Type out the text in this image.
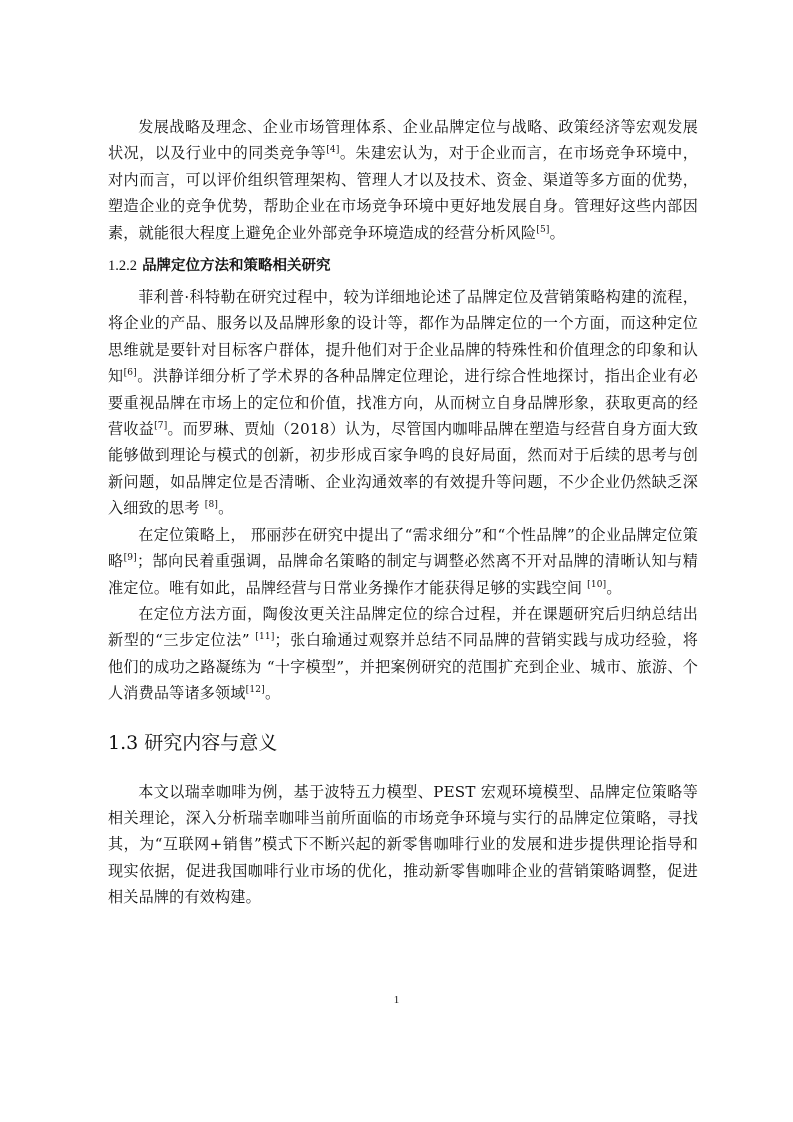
发展战略及理念、企业市场管理体系、企业品牌定位与战略、政策经济等宏观发展状况，以及行业中的同类竞争等[4]。朱建宏认为，对于企业而言，在市场竞争环境中，对内而言，可以评价组织管理架构、管理人才以及技术、资金、渠道等多方面的优势，塑造企业的竞争优势，帮助企业在市场竞争环境中更好地发展自身。管理好这些内部因素，就能很大程度上避免企业外部竞争环境造成的经营分析风险[5]。

1.2.2 品牌定位方法和策略相关研究

菲利普·科特勒在研究过程中，较为详细地论述了品牌定位及营销策略构建的流程，将企业的产品、服务以及品牌形象的设计等，都作为品牌定位的一个方面，而这种定位思维就是要针对目标客户群体，提升他们对于企业品牌的特殊性和价值理念的印象和认知[6]。洪静详细分析了学术界的各种品牌定位理论，进行综合性地探讨，指出企业有必要重视品牌在市场上的定位和价值，找准方向，从而树立自身品牌形象，获取更高的经营收益[7]。而罗琳、贾灿（2018）认为，尽管国内咖啡品牌在塑造与经营自身方面大致能够做到理论与模式的创新，初步形成百家争鸣的良好局面，然而对于后续的思考与创新问题，如品牌定位是否清晰、企业沟通效率的有效提升等问题，不少企业仍然缺乏深入细致的思考 [8]。

在定位策略上， 邢丽莎在研究中提出了“需求细分”和“个性品牌”的企业品牌定位策略[9]；郜向民着重强调，品牌命名策略的制定与调整必然离不开对品牌的清晰认知与精准定位。唯有如此，品牌经营与日常业务操作才能获得足够的实践空间 [10]。

在定位方法方面，陶俊汝更关注品牌定位的综合过程，并在课题研究后归纳总结出新型的“三步定位法” [11]；张白瑜通过观察并总结不同品牌的营销实践与成功经验，将他们的成功之路凝练为 “十字模型”，并把案例研究的范围扩充到企业、城市、旅游、个人消费品等诸多领域[12]。

1.3 研究内容与意义

本文以瑞幸咖啡为例，基于波特五力模型、PEST 宏观环境模型、品牌定位策略等相关理论，深入分析瑞幸咖啡当前所面临的市场竞争环境与实行的品牌定位策略，寻找其，为“互联网+销售”模式下不断兴起的新零售咖啡行业的发展和进步提供理论指导和现实依据，促进我国咖啡行业市场的优化，推动新零售咖啡企业的营销策略调整，促进相关品牌的有效构建。

1
